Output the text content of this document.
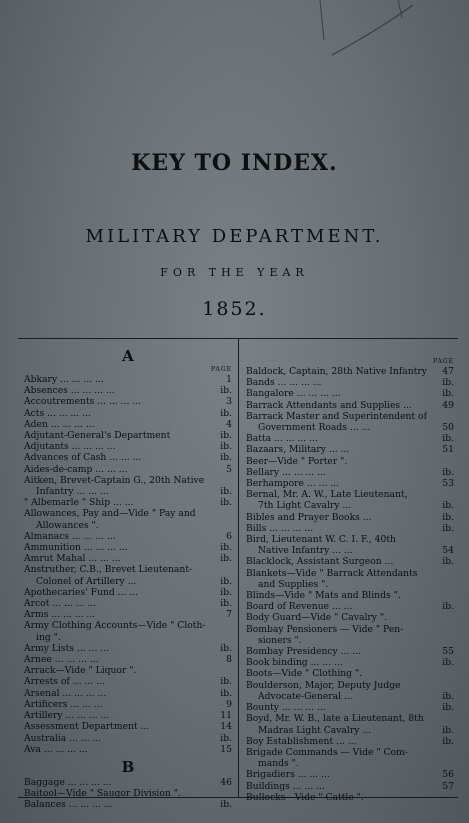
KEY TO INDEX.
MILITARY DEPARTMENT.
FOR THE YEAR
1852.
A
PAGE
Abkary ... ... ... ...	1
Absences ... ... ... ...	ib.
Accoutrements ... ... ... ...	3
Acts ... ... ... ...	ib.
Aden ... ... ... ...	4
Adjutant-General's Department	ib.
Adjutants ... ... ... ...	ib.
Advances of Cash ... ... ...	ib.
Aides-de-camp ... ... ...	5
Aitken, Brevet-Captain G., 20th Native
Infantry ... ... ...	ib.
" Albemarle " Ship ... ...	ib.
Allowances, Pay and—Vide " Pay and
Allowances ".
Almanacs ... ... ... ...	6
Ammunition ... ... ... ...	ib.
Amrut Mahal ... ... ...	ib.
Anstruther, C.B., Brevet Lieutenant-
Colonel of Artillery ...	ib.
Apothecaries' Fund ... ...	ib.
Arcot ... ... ... ...	ib.
Arms ... ... ... ...	7
Army Clothing Accounts—Vide " Cloth-
ing ".
Army Lists ... ... ...	ib.
Arnee ... ... ... ...	8
Arrack—Vide " Liquor ".
Arrests of ... ... ...	ib.
Arsenal ... ... ... ...	ib.
Artificers ... ... ...	9
Artillery ... ... ... ...	11
Assessment Department ...	14
Australia ... ... ...	ib.
Ava ... ... ... ...	15
B
Baggage ... ... ... ...	46
Baitool—Vide " Saugor Division ".
Balances ... ... ... ...	ib.
PAGE
Baldock, Captain, 28th Native Infantry	47
Bands ... ... ... ...	ib.
Bangalore ... ... ... ...	ib.
Barrack Attendants and Supplies ...	49
Barrack Master and Superintendent of
Government Roads ... ...	50
Batta ... ... ... ...	ib.
Bazaars, Military ... ...	51
Beer—Vide " Porter ".
Bellary ... ... ... ...	ib.
Berhampore ... ... ...	53
Bernal, Mr. A. W., Late Lieutenant,
7th Light Cavalry ...	ib.
Bibles and Prayer Books ...	ib.
Bills ... ... ... ...	ib.
Bird, Lieutenant W. C. I. F., 40th
Native Infantry ... ...	54
Blacklock, Assistant Surgeon ...	ib.
Blankets—Vide " Barrack Attendants
and Supplies ".
Blinds—Vide " Mats and Blinds ".
Board of Revenue ... ...	ib.
Body Guard—Vide " Cavalry ".
Bombay Pensioners — Vide " Pen-
sioners ".
Bombay Presidency ... ...	55
Book binding ... ... ...	ib.
Boots—Vide " Clothing ".
Boulderson, Major, Deputy Judge
Advocate-General ...	ib.
Bounty ... ... ... ...	ib.
Boyd, Mr. W. B., late a Lieutenant, 8th
Madras Light Cavalry ...	ib.
Boy Establishment ... ...	ib.
Brigade Commands — Vide " Com-
mands ".
Brigadiers ... ... ...	56
Buildings ... ... ...	57
Bullocks—Vide " Cattle ".
